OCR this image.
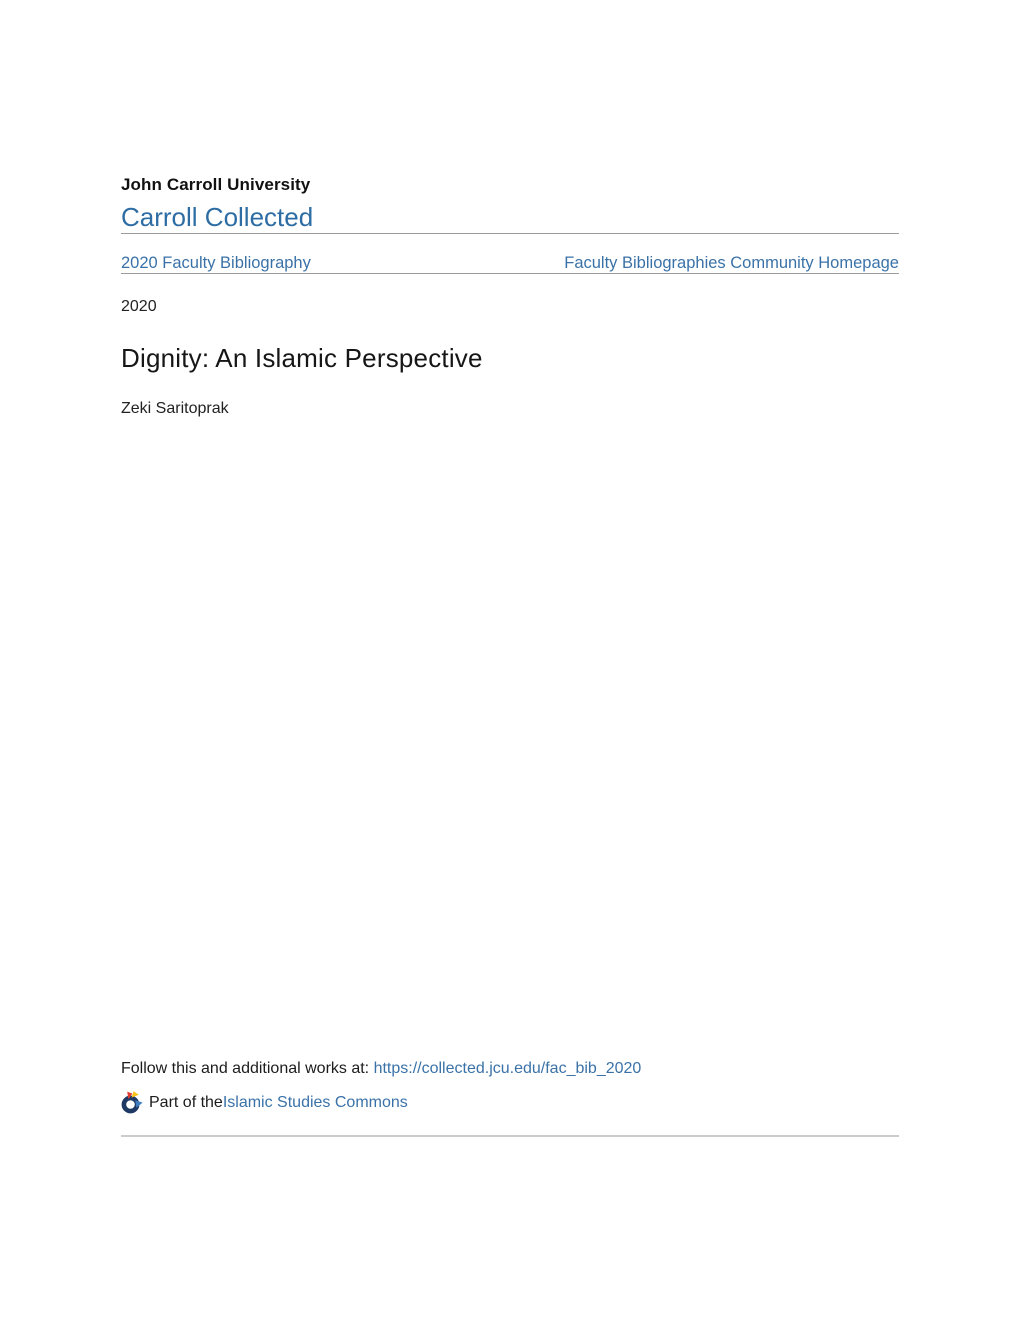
John Carroll University
Carroll Collected
2020 Faculty Bibliography	Faculty Bibliographies Community Homepage
2020
Dignity: An Islamic Perspective
Zeki Saritoprak

Follow this and additional works at: https://collected.jcu.edu/fac_bib_2020

Part of the Islamic Studies Commons
